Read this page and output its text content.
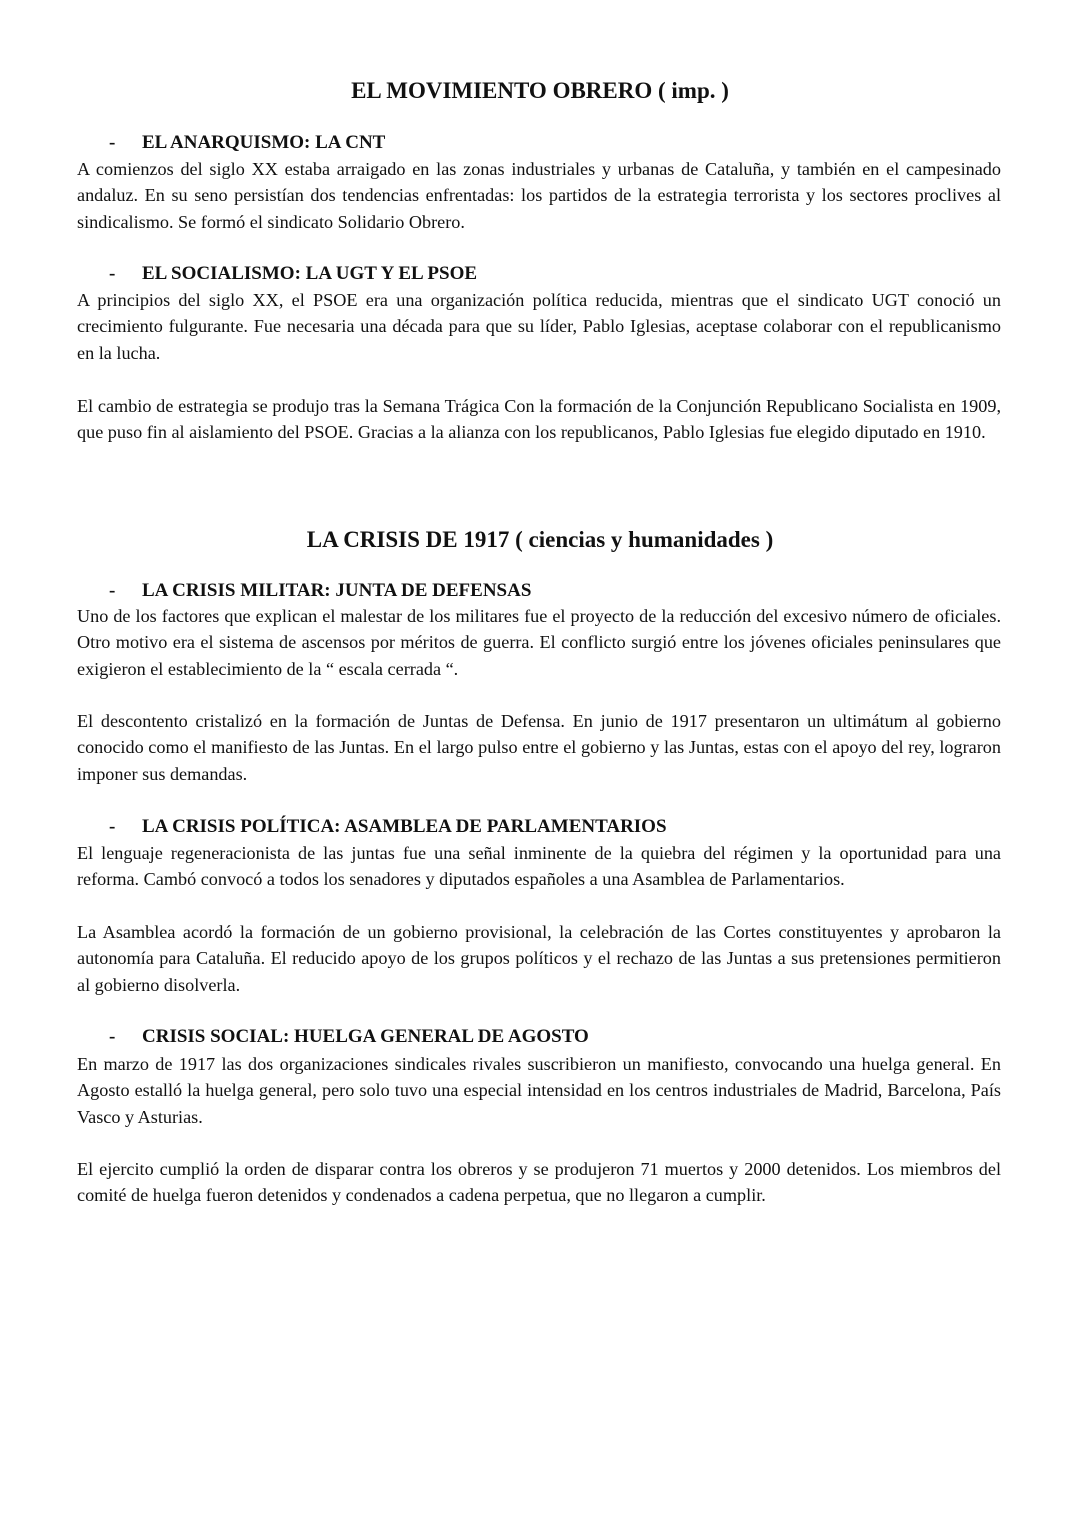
EL MOVIMIENTO OBRERO ( imp. )
- EL ANARQUISMO: LA CNT

A comienzos del siglo XX estaba arraigado en las zonas industriales y urbanas de Cataluña, y también en el campesinado andaluz. En su seno persistían dos tendencias enfrentadas: los partidos de la estrategia terrorista y los sectores proclives al sindicalismo. Se formó el sindicato Solidario Obrero.

- EL SOCIALISMO: LA UGT Y EL PSOE

A principios del siglo XX, el PSOE era una organización política reducida, mientras que el sindicato UGT conoció un crecimiento fulgurante. Fue necesaria una década para que su líder, Pablo Iglesias, aceptase colaborar con el republicanismo en la lucha.

El cambio de estrategia se produjo tras la Semana Trágica Con la formación de la Conjunción Republicano Socialista en 1909, que puso fin al aislamiento del PSOE. Gracias a la alianza con los republicanos, Pablo Iglesias fue elegido diputado en 1910.

LA CRISIS DE 1917 ( ciencias y humanidades )
- LA CRISIS MILITAR: JUNTA DE DEFENSAS

Uno de los factores que explican el malestar de los militares fue el proyecto de la reducción del excesivo número de oficiales. Otro motivo era el sistema de ascensos por méritos de guerra. El conflicto surgió entre los jóvenes oficiales peninsulares que exigieron el establecimiento de la “ escala cerrada “.

El descontento cristalizó en la formación de Juntas de Defensa. En junio de 1917 presentaron un ultimátum al gobierno conocido como el manifiesto de las Juntas. En el largo pulso entre el gobierno y las Juntas, estas con el apoyo del rey, lograron imponer sus demandas.

- LA CRISIS POLÍTICA: ASAMBLEA DE PARLAMENTARIOS

El lenguaje regeneracionista de las juntas fue una señal inminente de la quiebra del régimen y la oportunidad para una reforma. Cambó convocó a todos los senadores y diputados españoles a una Asamblea de Parlamentarios.

La Asamblea acordó la formación de un gobierno provisional, la celebración de las Cortes constituyentes y aprobaron la autonomía para Cataluña. El reducido apoyo de los grupos políticos y el rechazo de las Juntas a sus pretensiones permitieron al gobierno disolverla.

- CRISIS SOCIAL: HUELGA GENERAL DE AGOSTO

En marzo de 1917 las dos organizaciones sindicales rivales suscribieron un manifiesto, convocando una huelga general. En Agosto estalló la huelga general, pero solo tuvo una especial intensidad en los centros industriales de Madrid, Barcelona, País Vasco y Asturias.

El ejercito cumplió la orden de disparar contra los obreros y se produjeron 71 muertos y 2000 detenidos. Los miembros del comité de huelga fueron detenidos y condenados a cadena perpetua, que no llegaron a cumplir.
